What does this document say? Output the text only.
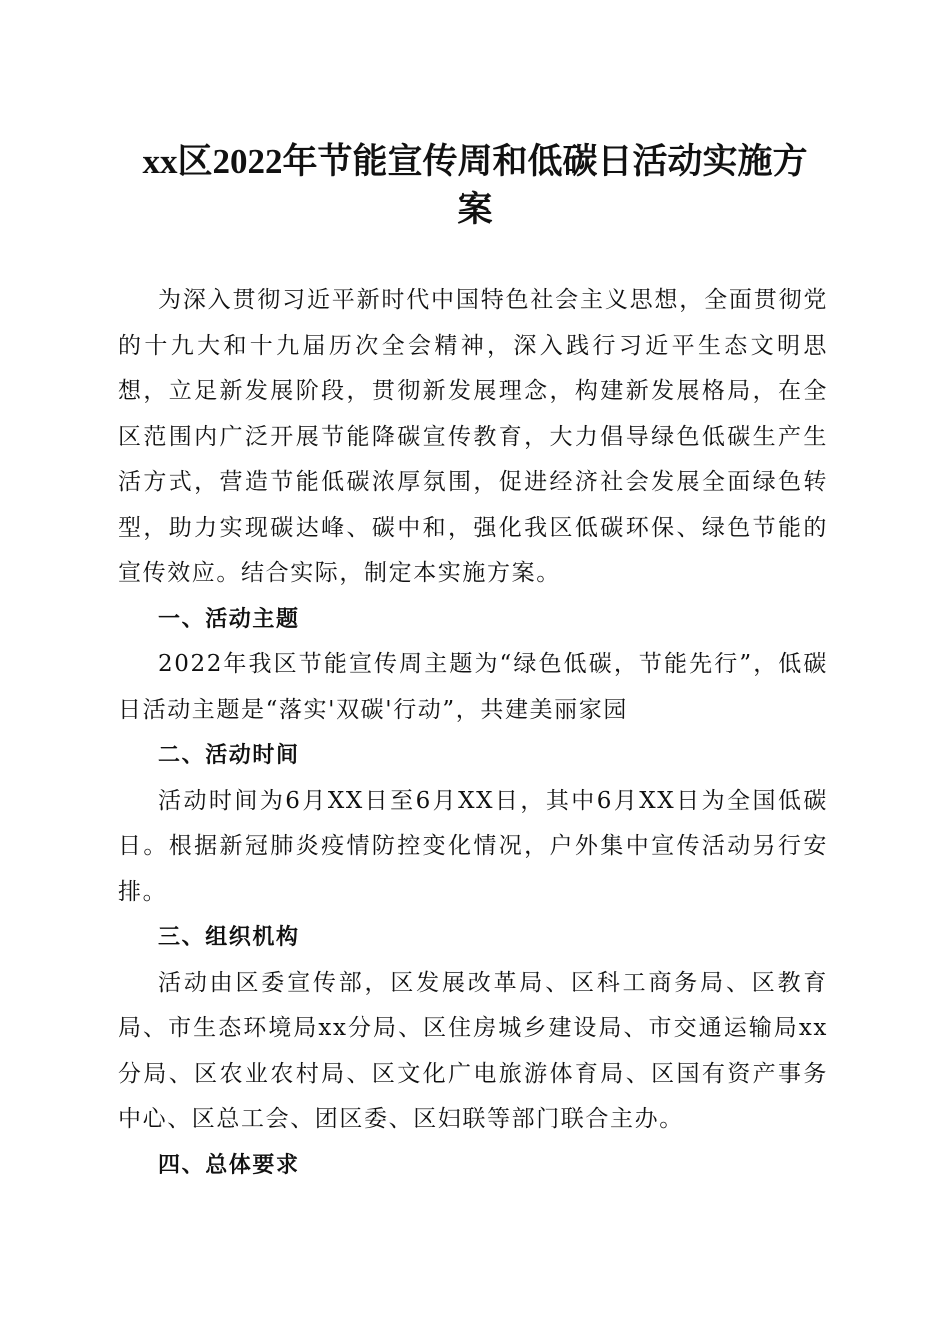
xx区2022年节能宣传周和低碳日活动实施方
案

为深入贯彻习近平新时代中国特色社会主义思想，全面贯彻党的十九大和十九届历次全会精神，深入践行习近平生态文明思想，立足新发展阶段，贯彻新发展理念，构建新发展格局，在全区范围内广泛开展节能降碳宣传教育，大力倡导绿色低碳生产生活方式，营造节能低碳浓厚氛围，促进经济社会发展全面绿色转型，助力实现碳达峰、碳中和，强化我区低碳环保、绿色节能的宣传效应。结合实际，制定本实施方案。

一、活动主题

2022年我区节能宣传周主题为“绿色低碳，节能先行”，低碳日活动主题是“落实'双碳'行动”，共建美丽家园

二、活动时间

活动时间为6月XX日至6月XX日，其中6月XX日为全国低碳日。根据新冠肺炎疫情防控变化情况，户外集中宣传活动另行安排。

三、组织机构

活动由区委宣传部，区发展改革局、区科工商务局、区教育局、市生态环境局xx分局、区住房城乡建设局、市交通运输局xx分局、区农业农村局、区文化广电旅游体育局、区国有资产事务中心、区总工会、团区委、区妇联等部门联合主办。

四、总体要求
